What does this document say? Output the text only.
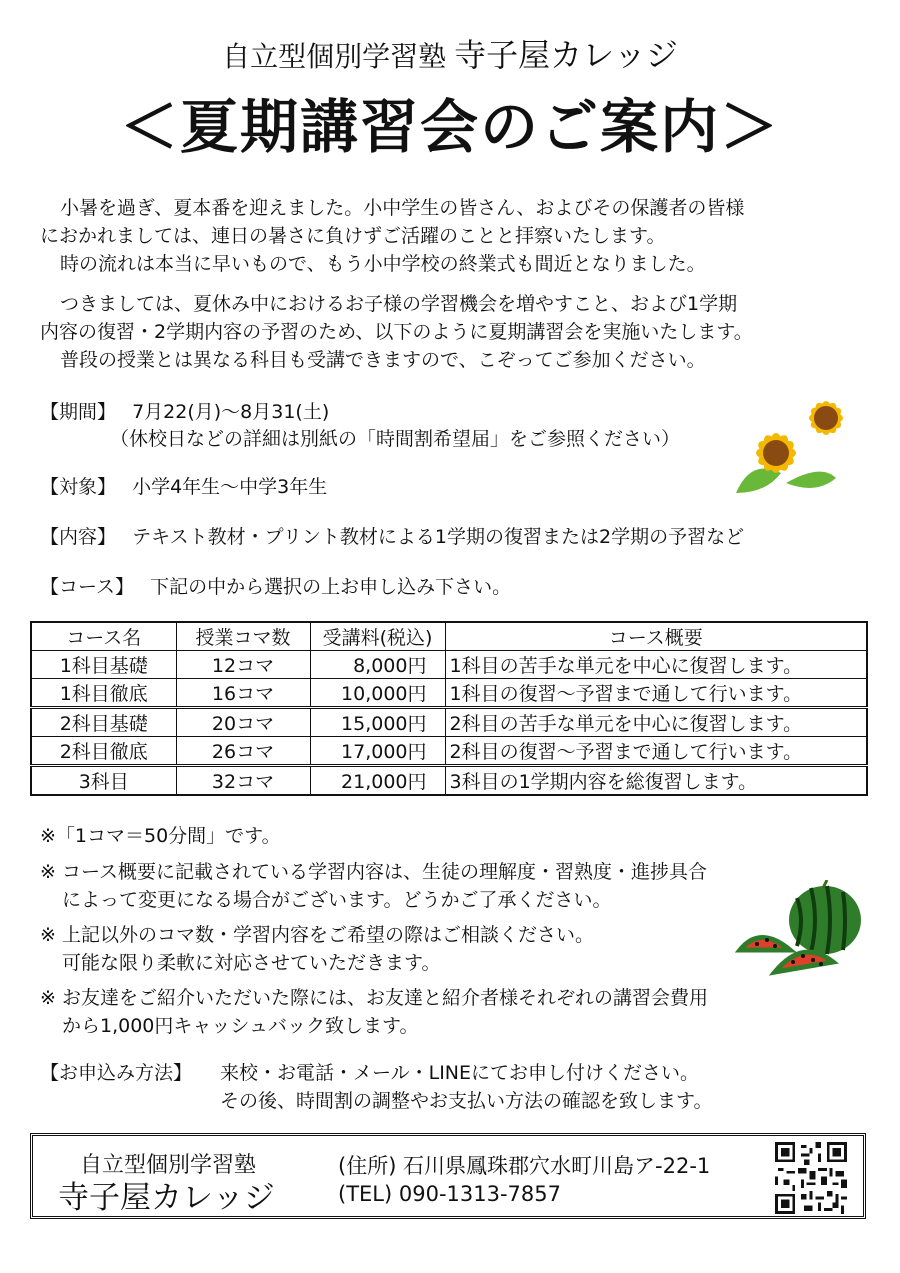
自立型個別学習塾 寺子屋カレッジ
＜夏期講習会のご案内＞
小暑を過ぎ、夏本番を迎えました。小中学生の皆さん、およびその保護者の皆様
におかれましては、連日の暑さに負けずご活躍のことと拝察いたします。
時の流れは本当に早いもので、もう小中学校の終業式も間近となりました。
つきましては、夏休み中におけるお子様の学習機会を増やすこと、および1学期
内容の復習・2学期内容の予習のため、以下のように夏期講習会を実施いたします。
普段の授業とは異なる科目も受講できますので、こぞってご参加ください。
【期間】 7月22(月)～8月31(土)
（休校日などの詳細は別紙の「時間割希望届」をご参照ください）
【対象】 小学4年生～中学3年生
【内容】 テキスト教材・プリント教材による1学期の復習または2学期の予習など
【コース】 下記の中から選択の上お申し込み下さい。
コース名	授業コマ数	受講料(税込)	コース概要
1科目基礎	12コマ	8,000円	1科目の苦手な単元を中心に復習します。
1科目徹底	16コマ	10,000円	1科目の復習～予習まで通して行います。
2科目基礎	20コマ	15,000円	2科目の苦手な単元を中心に復習します。
2科目徹底	26コマ	17,000円	2科目の復習～予習まで通して行います。
3科目	32コマ	21,000円	3科目の1学期内容を総復習します。
※「1コマ＝50分間」です。
※ コース概要に記載されている学習内容は、生徒の理解度・習熟度・進捗具合
によって変更になる場合がございます。どうかご了承ください。
※ 上記以外のコマ数・学習内容をご希望の際はご相談ください。
可能な限り柔軟に対応させていただきます。
※ お友達をご紹介いただいた際には、お友達と紹介者様それぞれの講習会費用
から1,000円キャッシュバック致します。
【お申込み方法】 来校・お電話・メール・LINEにてお申し付けください。
その後、時間割の調整やお支払い方法の確認を致します。
自立型個別学習塾
寺子屋カレッジ
(住所) 石川県鳳珠郡穴水町川島ア-22-1
(TEL) 090-1313-7857
